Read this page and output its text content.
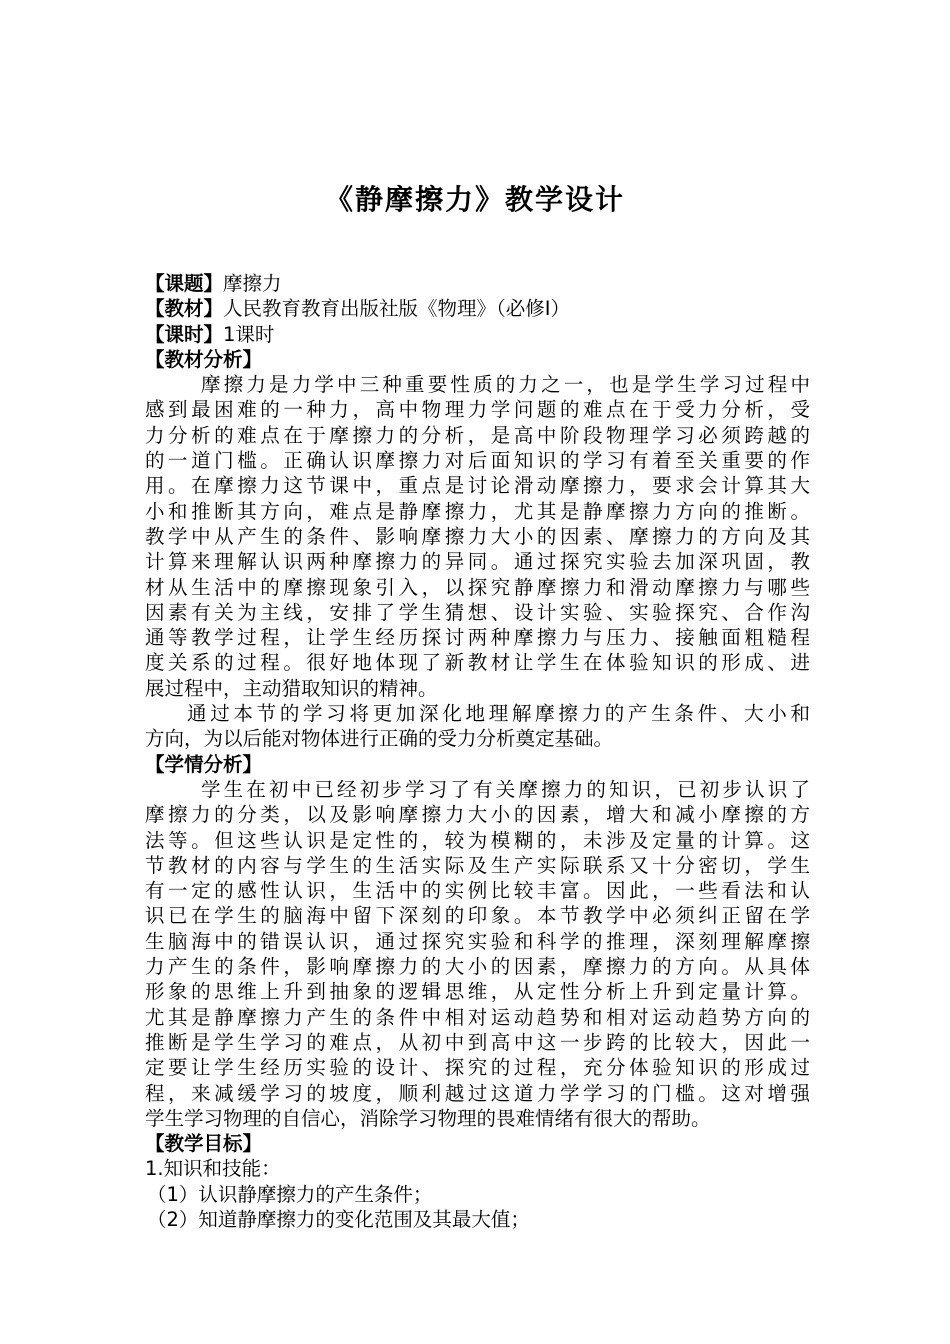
《静摩擦力》教学设计
【课题】摩擦力
【教材】人民教育教育出版社版《物理》（必修Ⅰ）
【课时】1课时
【教材分析】
摩擦力是力学中三种重要性质的力之一，也是学生学习过程中
感到最困难的一种力，高中物理力学问题的难点在于受力分析，受
力分析的难点在于摩擦力的分析，是高中阶段物理学习必须跨越的
的一道门槛。正确认识摩擦力对后面知识的学习有着至关重要的作
用。在摩擦力这节课中，重点是讨论滑动摩擦力，要求会计算其大
小和推断其方向，难点是静摩擦力，尤其是静摩擦力方向的推断。
教学中从产生的条件、影响摩擦力大小的因素、摩擦力的方向及其
计算来理解认识两种摩擦力的异同。通过探究实验去加深巩固，教
材从生活中的摩擦现象引入，以探究静摩擦力和滑动摩擦力与哪些
因素有关为主线，安排了学生猜想、设计实验、实验探究、合作沟
通等教学过程，让学生经历探讨两种摩擦力与压力、接触面粗糙程
度关系的过程。很好地体现了新教材让学生在体验知识的形成、进
展过程中，主动猎取知识的精神。
通过本节的学习将更加深化地理解摩擦力的产生条件、大小和
方向，为以后能对物体进行正确的受力分析奠定基础。
【学情分析】
学生在初中已经初步学习了有关摩擦力的知识，已初步认识了
摩擦力的分类，以及影响摩擦力大小的因素，增大和减小摩擦的方
法等。但这些认识是定性的，较为模糊的，未涉及定量的计算。这
节教材的内容与学生的生活实际及生产实际联系又十分密切，学生
有一定的感性认识，生活中的实例比较丰富。因此，一些看法和认
识已在学生的脑海中留下深刻的印象。本节教学中必须纠正留在学
生脑海中的错误认识，通过探究实验和科学的推理，深刻理解摩擦
力产生的条件，影响摩擦力的大小的因素，摩擦力的方向。从具体
形象的思维上升到抽象的逻辑思维，从定性分析上升到定量计算。
尤其是静摩擦力产生的条件中相对运动趋势和相对运动趋势方向的
推断是学生学习的难点，从初中到高中这一步跨的比较大，因此一
定要让学生经历实验的设计、探究的过程，充分体验知识的形成过
程，来减缓学习的坡度，顺利越过这道力学学习的门槛。这对增强
学生学习物理的自信心，消除学习物理的畏难情绪有很大的帮助。
【教学目标】
1.知识和技能：
（1）认识静摩擦力的产生条件；
（2）知道静摩擦力的变化范围及其最大值；
